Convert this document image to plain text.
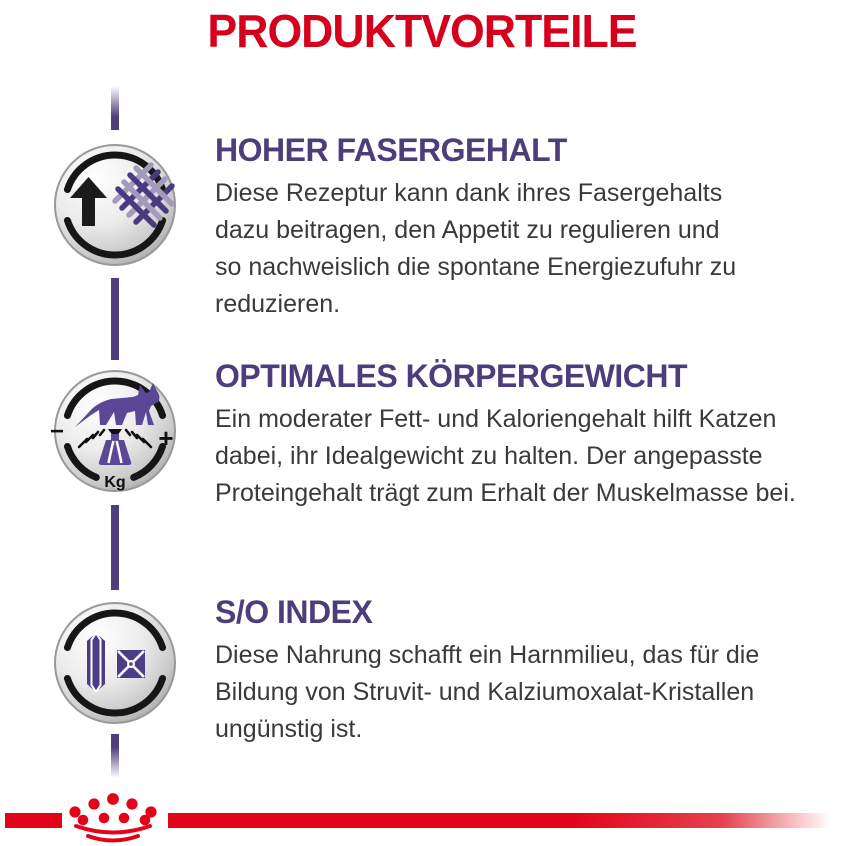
PRODUKTVORTEILE
Kg
−	+
HOHER FASERGEHALT
Diese Rezeptur kann dank ihres Fasergehalts
dazu beitragen, den Appetit zu regulieren und
so nachweislich die spontane Energiezufuhr zu
reduzieren.
OPTIMALES KÖRPERGEWICHT
Ein moderater Fett- und Kaloriengehalt hilft Katzen
dabei, ihr Idealgewicht zu halten. Der angepasste
Proteingehalt trägt zum Erhalt der Muskelmasse bei.
S/O INDEX
Diese Nahrung schafft ein Harnmilieu, das für die
Bildung von Struvit- und Kalziumoxalat-Kristallen
ungünstig ist.
